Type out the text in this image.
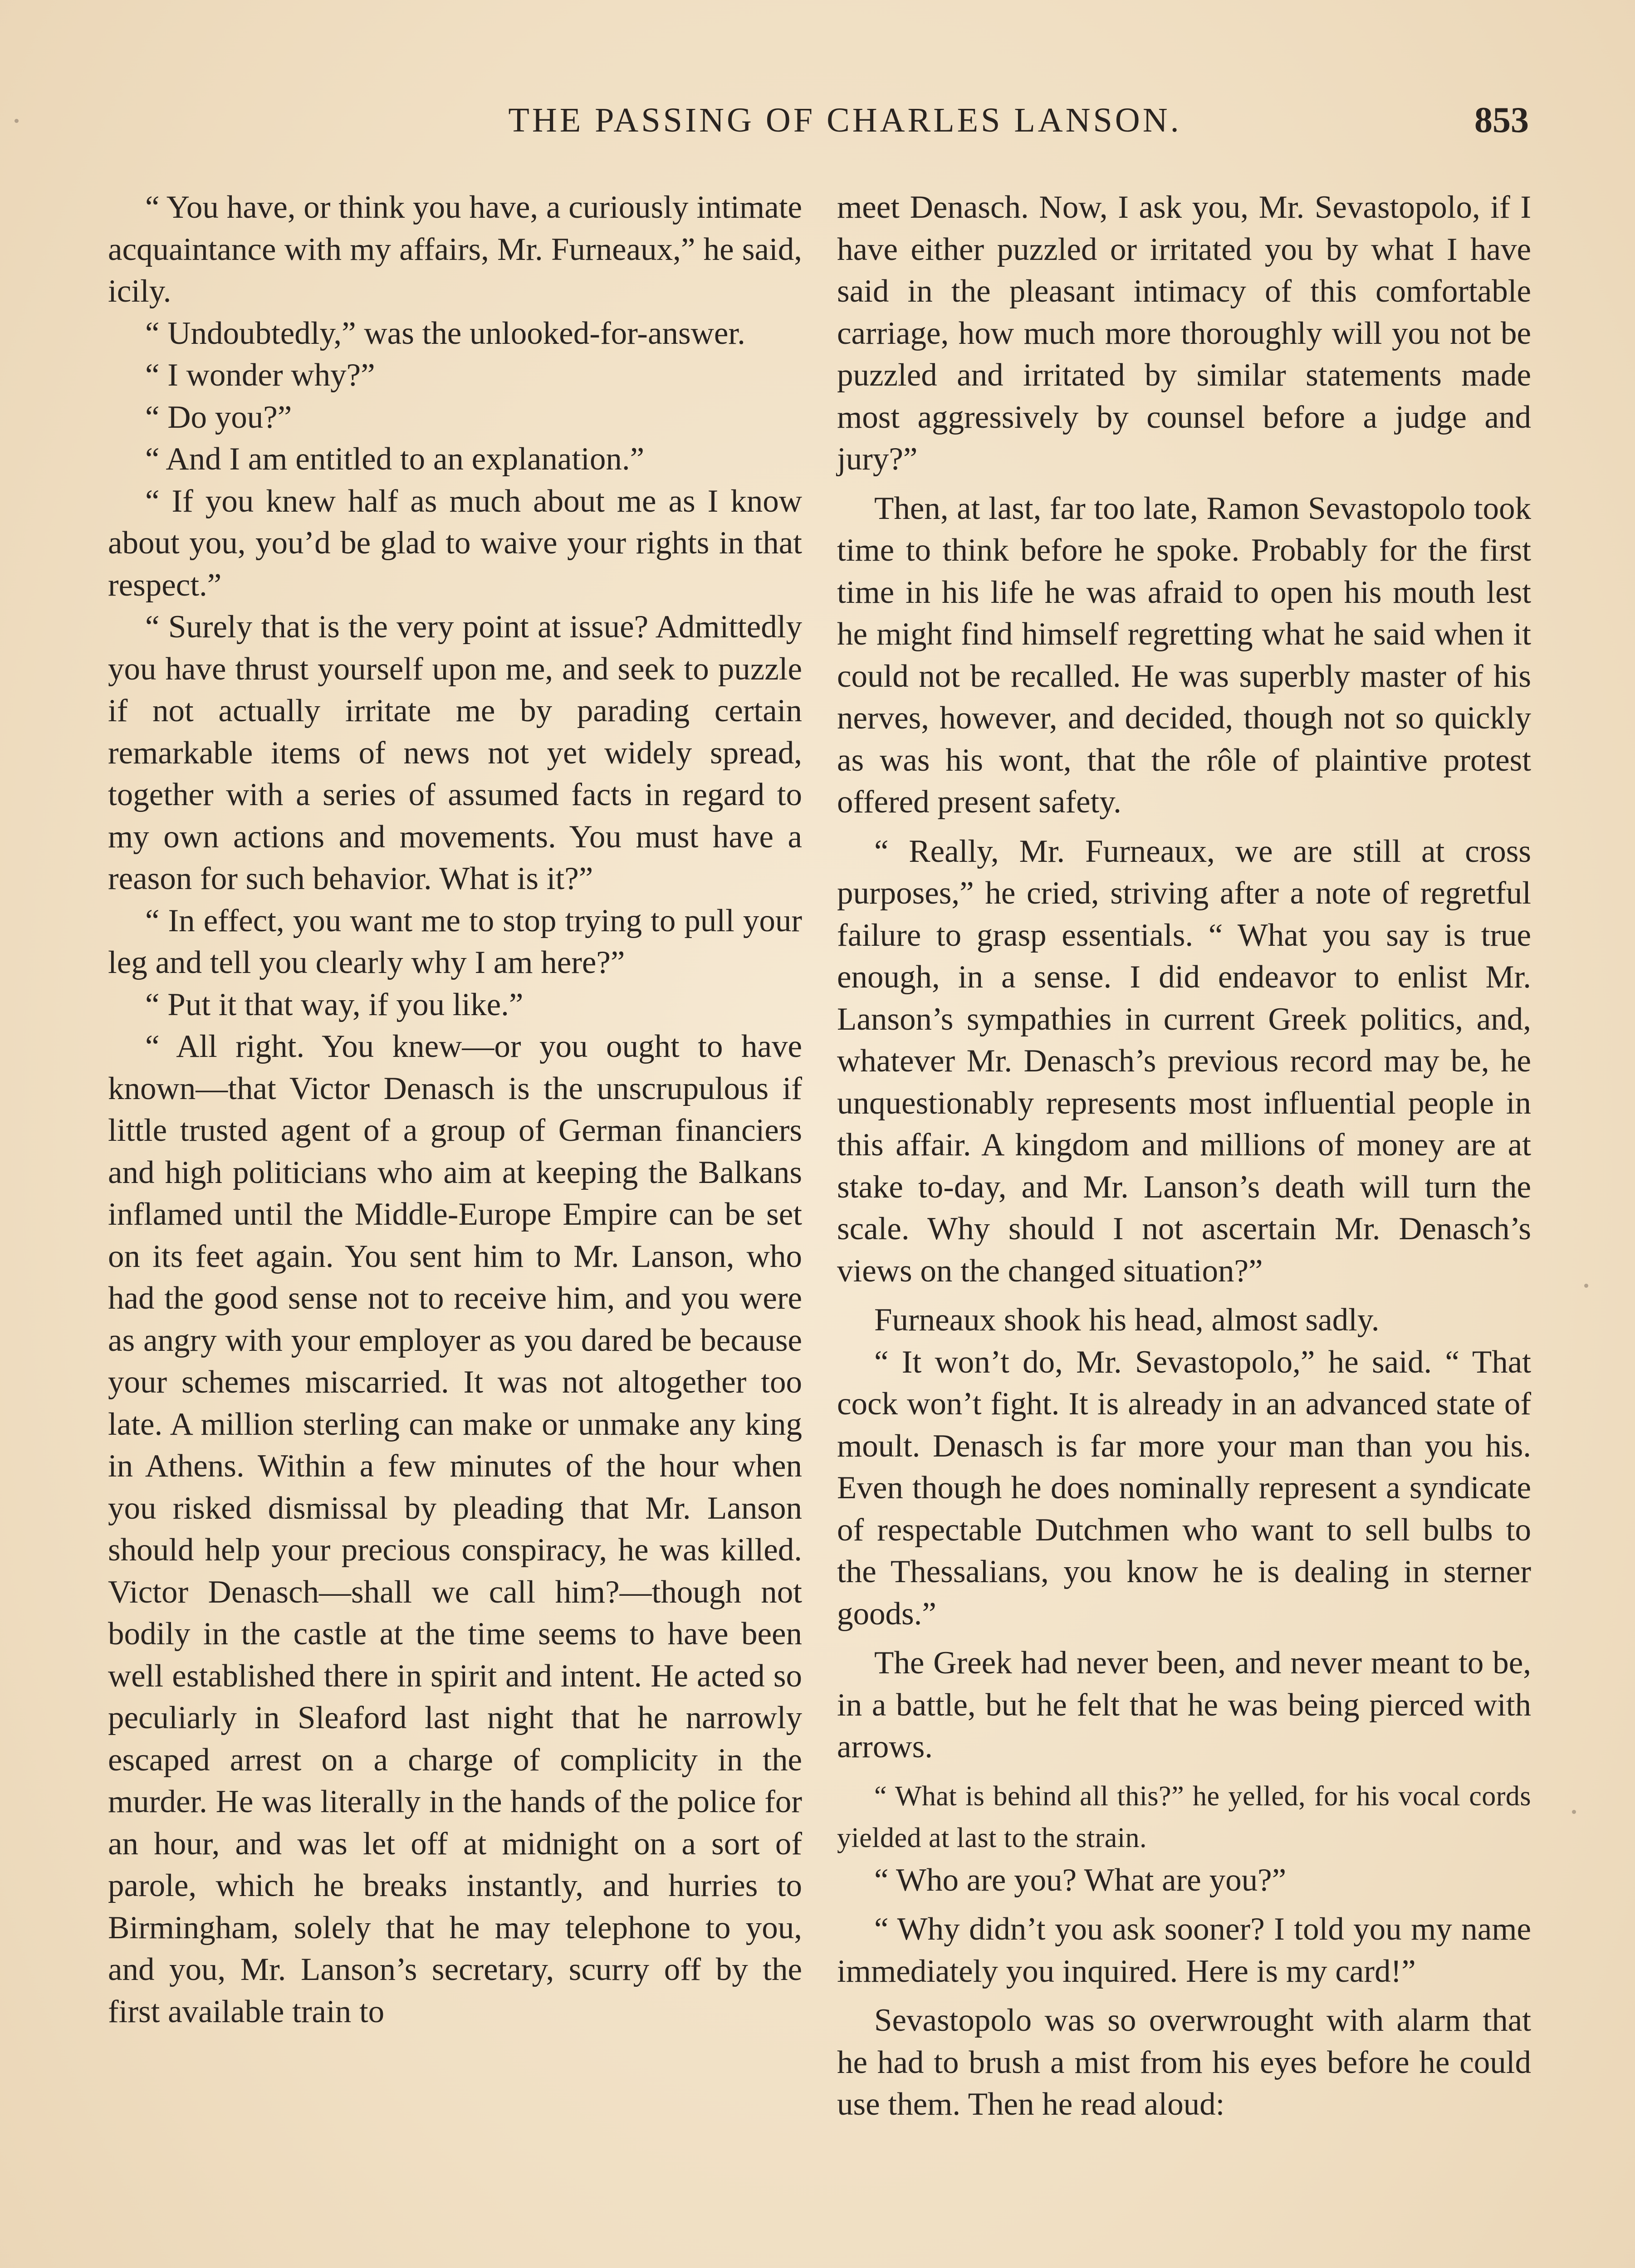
THE PASSING OF CHARLES LANSON.	853

“ You have, or think you have, a curiously intimate acquaintance with my affairs, Mr. Furneaux,” he said, icily.

“ Undoubtedly,” was the unlooked-for-answer.

“ I wonder why?”

“ Do you?”

“ And I am entitled to an explanation.”

“ If you knew half as much about me as I know about you, you’d be glad to waive your rights in that respect.”

“ Surely that is the very point at issue? Admittedly you have thrust yourself upon me, and seek to puzzle if not actually irritate me by parading certain remarkable items of news not yet widely spread, together with a series of assumed facts in regard to my own actions and movements. You must have a reason for such behavior. What is it?”

“ In effect, you want me to stop trying to pull your leg and tell you clearly why I am here?”

“ Put it that way, if you like.”

“ All right. You knew—or you ought to have known—that Victor Denasch is the unscrupulous if little trusted agent of a group of German financiers and high politicians who aim at keeping the Balkans inflamed until the Middle-Europe Empire can be set on its feet again. You sent him to Mr. Lanson, who had the good sense not to receive him, and you were as angry with your employer as you dared be because your schemes miscarried. It was not altogether too late. A million sterling can make or unmake any king in Athens. Within a few minutes of the hour when you risked dismissal by pleading that Mr. Lanson should help your precious conspiracy, he was killed. Victor Denasch—shall we call him?—though not bodily in the castle at the time seems to have been well established there in spirit and intent. He acted so peculiarly in Sleaford last night that he narrowly escaped arrest on a charge of complicity in the murder. He was literally in the hands of the police for an hour, and was let off at midnight on a sort of parole, which he breaks instantly, and hurries to Birmingham, solely that he may telephone to you, and you, Mr. Lanson’s secretary, scurry off by the first available train to

meet Denasch. Now, I ask you, Mr. Sevastopolo, if I have either puzzled or irritated you by what I have said in the pleasant intimacy of this comfortable carriage, how much more thoroughly will you not be puzzled and irritated by similar statements made most aggressively by counsel before a judge and jury?”

Then, at last, far too late, Ramon Sevastopolo took time to think before he spoke. Probably for the first time in his life he was afraid to open his mouth lest he might find himself regretting what he said when it could not be recalled. He was superbly master of his nerves, however, and decided, though not so quickly as was his wont, that the rôle of plaintive protest offered present safety.

“ Really, Mr. Furneaux, we are still at cross purposes,” he cried, striving after a note of regretful failure to grasp essentials. “ What you say is true enough, in a sense. I did endeavor to enlist Mr. Lanson’s sympathies in current Greek politics, and, whatever Mr. Denasch’s previous record may be, he unquestionably represents most influential people in this affair. A kingdom and millions of money are at stake to-day, and Mr. Lanson’s death will turn the scale. Why should I not ascertain Mr. Denasch’s views on the changed situation?”

Furneaux shook his head, almost sadly.

“ It won’t do, Mr. Sevastopolo,” he said. “ That cock won’t fight. It is already in an advanced state of moult. Denasch is far more your man than you his. Even though he does nominally represent a syndicate of respectable Dutchmen who want to sell bulbs to the Thessalians, you know he is dealing in sterner goods.”

The Greek had never been, and never meant to be, in a battle, but he felt that he was being pierced with arrows.

“ What is behind all this?” he yelled, for his vocal cords yielded at last to the strain.

“ Who are you? What are you?”

“ Why didn’t you ask sooner? I told you my name immediately you inquired. Here is my card!”

Sevastopolo was so overwrought with alarm that he had to brush a mist from his eyes before he could use them. Then he read aloud:
